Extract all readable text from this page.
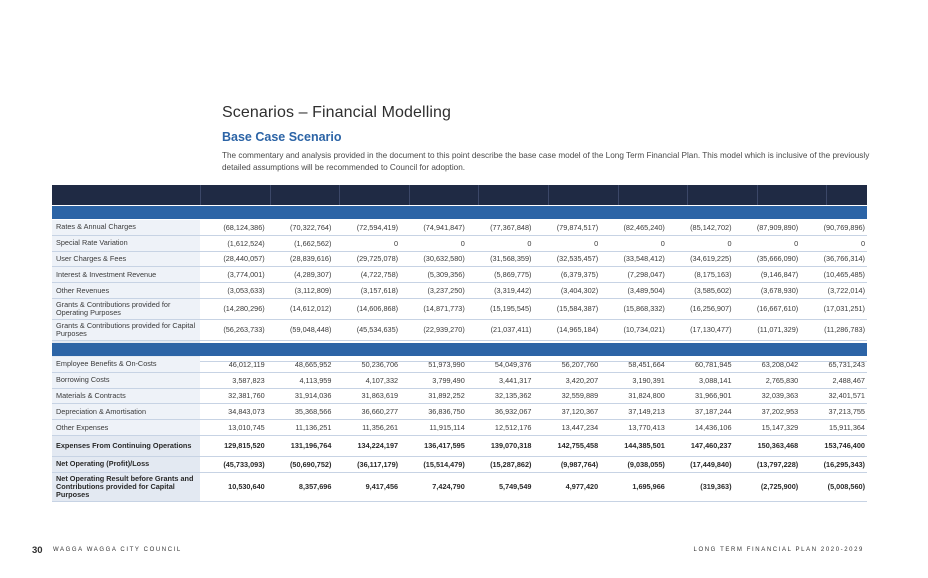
Scenarios – Financial Modelling
Base Case Scenario
The commentary and analysis provided in the document to this point describe the base case model of the Long Term Financial Plan. This model which is inclusive of the previously detailed assumptions will be recommended to Council for adoption.
Rates & Annual Charges	(68,124,386)	(70,322,764)	(72,594,419)	(74,941,847)	(77,367,848)	(79,874,517)	(82,465,240)	(85,142,702)	(87,909,890)	(90,769,896)
Special Rate Variation	(1,612,524)	(1,662,562)	0	0	0	0	0	0	0	0
User Charges & Fees	(28,440,057)	(28,839,616)	(29,725,078)	(30,632,580)	(31,568,359)	(32,535,457)	(33,548,412)	(34,619,225)	(35,666,090)	(36,766,314)
Interest & Investment Revenue	(3,774,001)	(4,289,307)	(4,722,758)	(5,309,356)	(5,869,775)	(6,379,375)	(7,298,047)	(8,175,163)	(9,146,847)	(10,465,485)
Other Revenues	(3,053,633)	(3,112,809)	(3,157,618)	(3,237,250)	(3,319,442)	(3,404,302)	(3,489,504)	(3,585,602)	(3,678,930)	(3,722,014)
Grants & Contributions provided for Operating Purposes	(14,280,296)	(14,612,012)	(14,606,868)	(14,871,773)	(15,195,545)	(15,584,387)	(15,868,332)	(16,256,907)	(16,667,610)	(17,031,251)
Grants & Contributions provided for Capital Purposes	(56,263,733)	(59,048,448)	(45,534,635)	(22,939,270)	(21,037,411)	(14,965,184)	(10,734,021)	(17,130,477)	(11,071,329)	(11,286,783)

Employee Benefits & On-Costs	46,012,119	48,665,952	50,236,706	51,973,990	54,049,376	56,207,760	58,451,664	60,781,945	63,208,042	65,731,243
Borrowing Costs	3,587,823	4,113,959	4,107,332	3,799,490	3,441,317	3,420,207	3,190,391	3,088,141	2,765,830	2,488,467
Materials & Contracts	32,381,760	31,914,036	31,863,619	31,892,252	32,135,362	32,559,889	31,824,800	31,966,901	32,039,363	32,401,571
Depreciation & Amortisation	34,843,073	35,368,566	36,660,277	36,836,750	36,932,067	37,120,367	37,149,213	37,187,244	37,202,953	37,213,755
Other Expenses	13,010,745	11,136,251	11,356,261	11,915,114	12,512,176	13,447,234	13,770,413	14,436,106	15,147,329	15,911,364
Expenses From Continuing Operations	129,815,520	131,196,764	134,224,197	136,417,595	139,070,318	142,755,458	144,385,501	147,460,237	150,363,468	153,746,400
Net Operating (Profit)/Loss	(45,733,093)	(50,690,752)	(36,117,179)	(15,514,479)	(15,287,862)	(9,987,764)	(9,038,055)	(17,449,840)	(13,797,228)	(16,295,343)
Net Operating Result before Grants and Contributions provided for Capital Purposes	10,530,640	8,357,696	9,417,456	7,424,790	5,749,549	4,977,420	1,695,966	(319,363)	(2,725,900)	(5,008,560)
30 WAGGA WAGGA CITY COUNCIL	LONG TERM FINANCIAL PLAN 2020-2029
